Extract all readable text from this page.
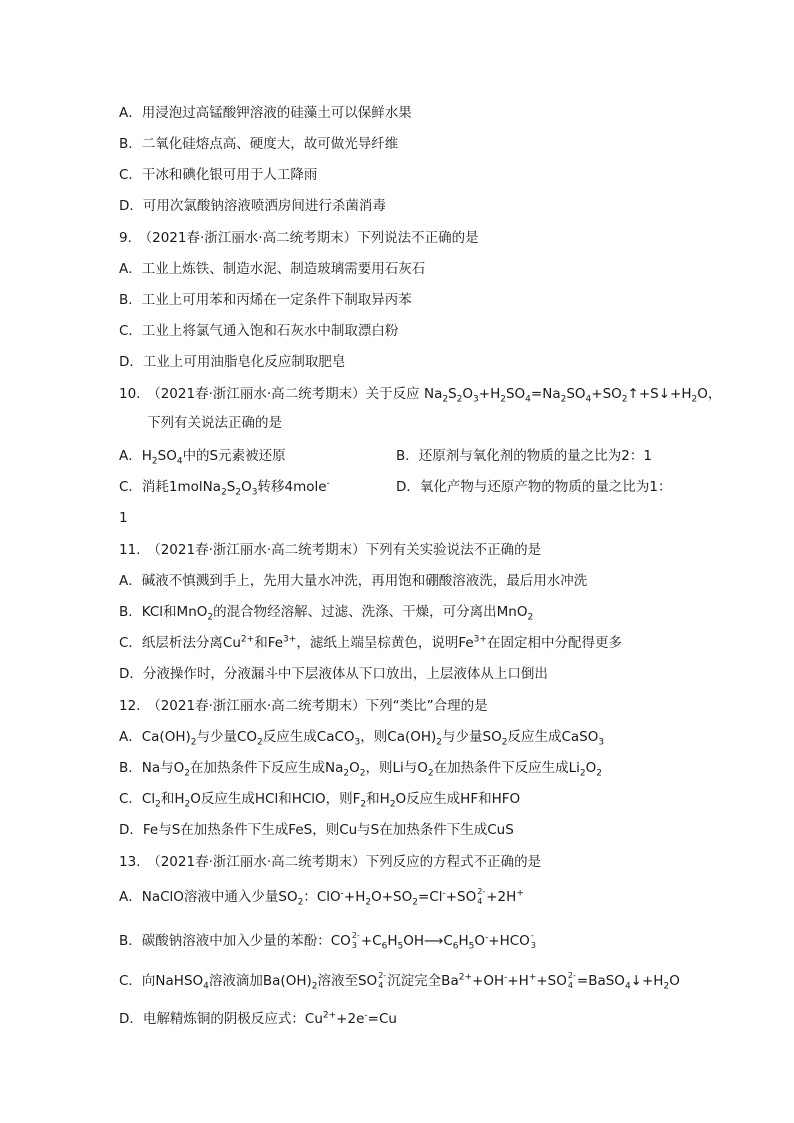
A．用浸泡过高锰酸钾溶液的硅藻土可以保鲜水果
B．二氧化硅熔点高、硬度大，故可做光导纤维
C．干冰和碘化银可用于人工降雨
D．可用次氯酸钠溶液喷洒房间进行杀菌消毒
9.　（2021春·浙江丽水·高二统考期末）下列说法不正确的是
A．工业上炼铁、制造水泥、制造玻璃需要用石灰石
B．工业上可用苯和丙烯在一定条件下制取异丙苯
C．工业上将氯气通入饱和石灰水中制取漂白粉
D．工业上可用油脂皂化反应制取肥皂
10.　（2021春·浙江丽水·高二统考期末）关于反应 $Na_2S_2O_3+H_2SO_4=Na_2SO_4+SO_2↑+S↓+H_2O$，
下列有关说法正确的是
A．$H_2SO_4$中的S元素被还原	B．还原剂与氧化剂的物质的量之比为2：1
C．消耗$1molNa_2S_2O_3$转移4mole-	D．氧化产物与还原产物的物质的量之比为1：
1
11.　（2021春·浙江丽水·高二统考期末）下列有关实验说法不正确的是
A．碱液不慎溅到手上，先用大量水冲洗，再用饱和硼酸溶液洗，最后用水冲洗
B．KCl和MnO$_2$的混合物经溶解、过滤、洗涤、干燥，可分离出MnO$_2$
C．纸层析法分离$Cu^{2+}$和$Fe^{3+}$，滤纸上端呈棕黄色，说明$Fe^{3+}$在固定相中分配得更多
D．分液操作时，分液漏斗中下层液体从下口放出，上层液体从上口倒出
12.　（2021春·浙江丽水·高二统考期末）下列“类比”合理的是
A．$Ca(OH)_2$与少量$CO_2$反应生成CaCO$_3$，则$Ca(OH)_2$与少量$SO_2$反应生成CaSO$_3$
B．Na与$O_2$在加热条件下反应生成$Na_2O_2$，则Li与$O_2$在加热条件下反应生成$Li_2O_2$
C．$Cl_2$和$H_2O$反应生成HCl和HClO，则$F_2$和$H_2O$反应生成HF和HFO
D．Fe与S在加热条件下生成FeS，则Cu与S在加热条件下生成CuS
13.　（2021春·浙江丽水·高二统考期末）下列反应的方程式不正确的是
A．NaClO溶液中通入少量$SO_2$：$ClO^-+H_2O+SO_2=Cl^-+SO$ 2-
4 +2H+
B．碳酸钠溶液中加入少量的苯酚：CO 2-
$3 +C_6H_5OH⟶C_6H_5O^-+HCO$ -
3
C．向NaHSO$_4$溶液滴加$Ba(OH)_2$溶液至SO 2-
4 沉淀完全$Ba^{2+}+OH^-+H^++SO$ 2-
$4 =BaSO_4↓+H_2O$
D．电解精炼铜的阴极反应式：$Cu^{2+}+2e^-=Cu$
